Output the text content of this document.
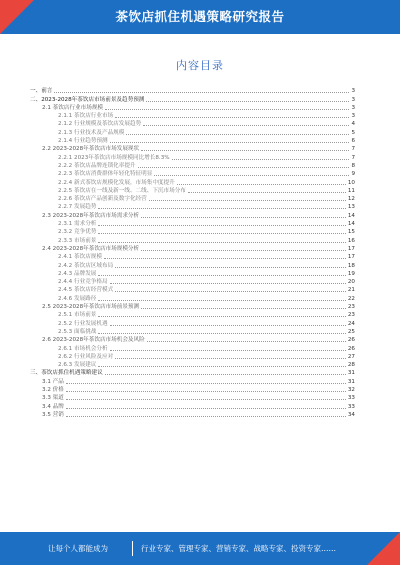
茶饮店抓住机遇策略研究报告
内容目录
一、前言	3
二、2023-2028年茶饮店市场前景及趋势预测	3
2.1 茶饮店行业市场规模	3
2.1.1 茶饮店行业市场	3
2.1.2 行业规模及茶饮店发展趋势	4
2.1.3 行业技术及产品规模	5
2.1.4 行业趋势预测	6
2.2 2023-2028年茶饮店市场发展现状	7
2.2.1 2023年茶饮店市场规模同比增长8.3%	7
2.2.2 茶饮店品牌连锁化率提升	8
2.2.3 茶饮店消费群体年轻化特征明显	9
2.2.4 新式茶饮店规模化发展，市场集中度提升	10
2.2.5 茶饮店在一线及新一线、二线、下沉市场分布	11
2.2.6 茶饮店产品创新及数字化经营	12
2.2.7 发展趋势	13
2.3 2023-2028年茶饮店市场需求分析	14
2.3.1 需求分析	14
2.3.2 竞争优势	15
2.3.3 市场前景	16
2.4 2023-2028年茶饮店市场规模分析	17
2.4.1 茶饮店规模	17
2.4.2 茶饮店区域布局	18
2.4.3 品牌发展	19
2.4.4 行业竞争格局	20
2.4.5 茶饮店经营模式	21
2.4.6 发展路径	22
2.5 2023-2028年茶饮店市场前景预测	23
2.5.1 市场前景	23
2.5.2 行业发展机遇	24
2.5.3 面临挑战	25
2.6 2023-2028年茶饮店市场机会及风险	26
2.6.1 市场机会分析	26
2.6.2 行业风险及应对	27
2.6.3 发展建议	28
三、茶饮店抓住机遇策略建议	31
3.1 产品	31
3.2 价格	32
3.3 渠道	33
3.4 品牌	33
3.5 营销	34
让每个人都能成为	行业专家、管理专家、营销专家、战略专家、投资专家……
